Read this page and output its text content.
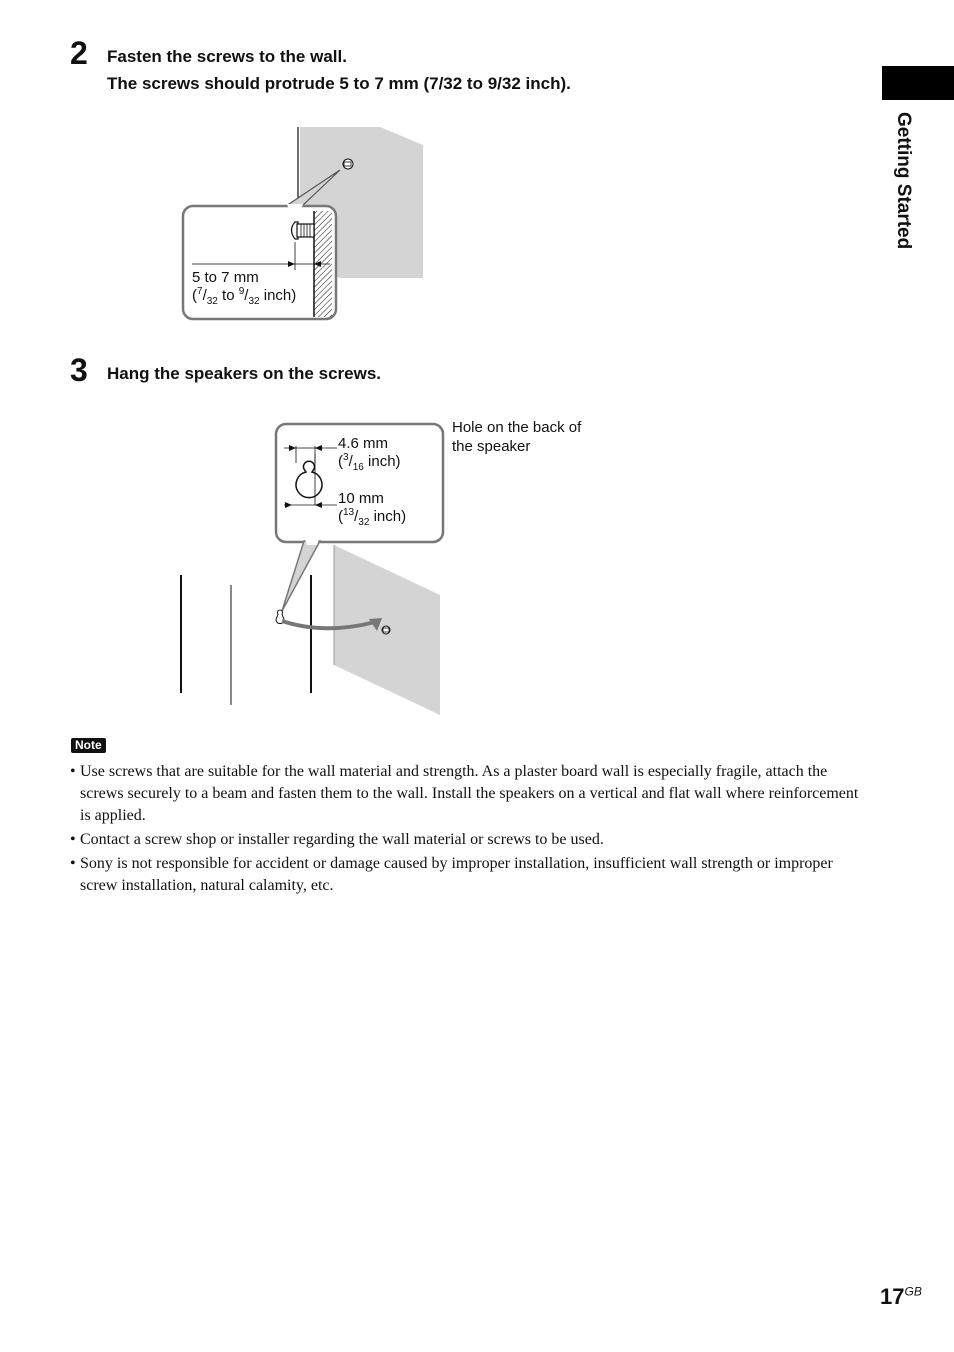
Getting Started
2 Fasten the screws to the wall.
The screws should protrude 5 to 7 mm (7/32 to 9/32 inch).
5 to 7 mm
($^7/_{32}$ to $^9/_{32}$ inch)
3 Hang the speakers on the screws.
4.6 mm
($^3/_{16}$ inch)
10 mm
($^{13}/_{32}$ inch)
Hole on the back of
the speaker
Note
• Use screws that are suitable for the wall material and strength. As a plaster board wall is especially fragile, attach the screws securely to a beam and fasten them to the wall. Install the speakers on a vertical and flat wall where reinforcement is applied.
• Contact a screw shop or installer regarding the wall material or screws to be used.
• Sony is not responsible for accident or damage caused by improper installation, insufficient wall strength or improper screw installation, natural calamity, etc.
$17^{GB}$
